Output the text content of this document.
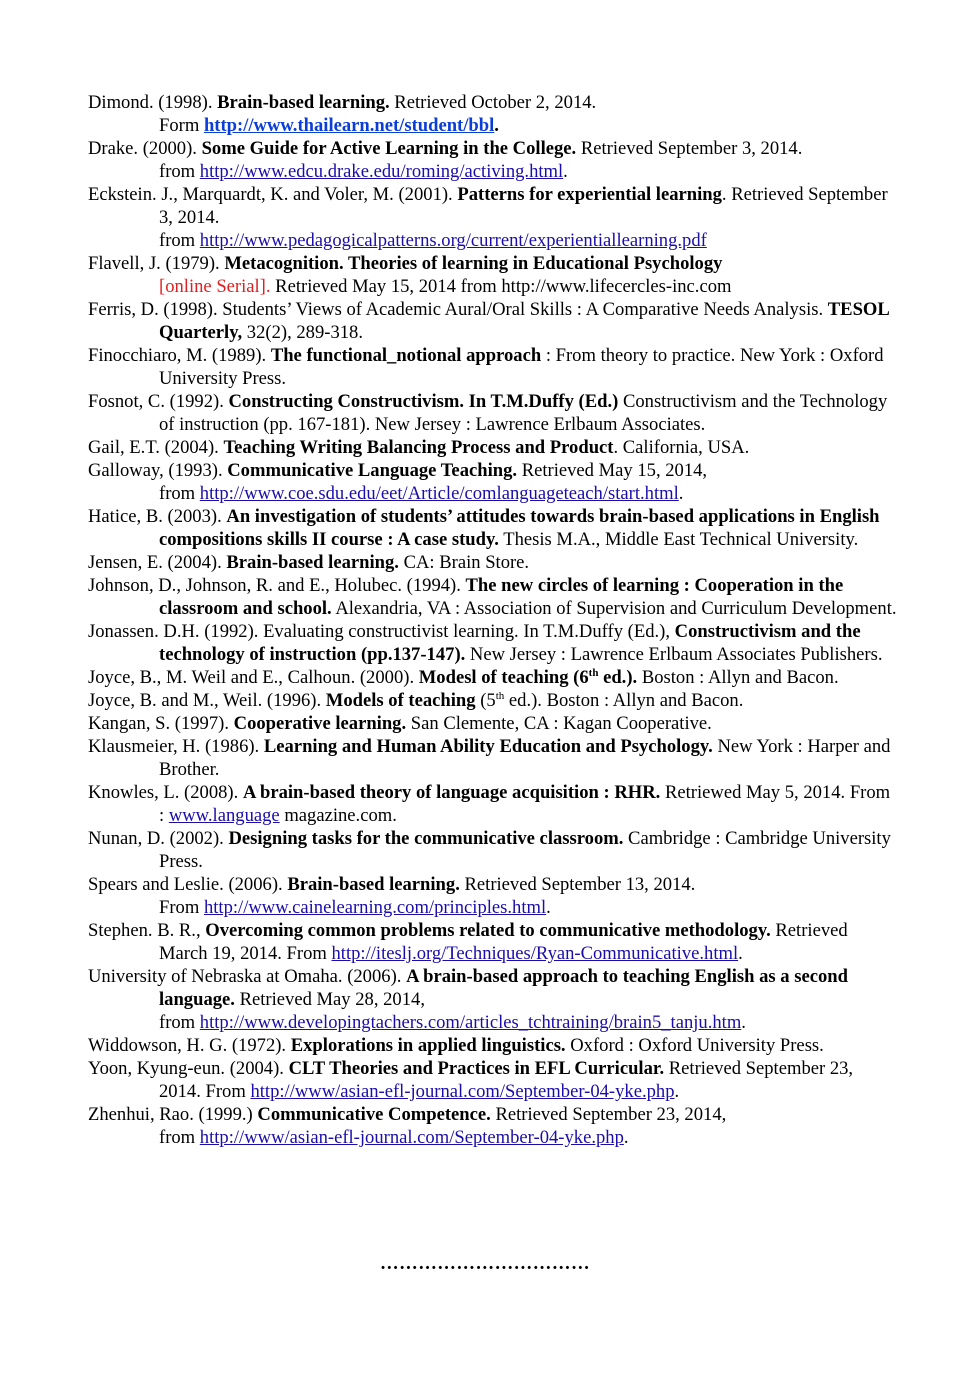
Dimond. (1998). Brain-based learning. Retrieved October 2, 2014.
Form http://www.thailearn.net/student/bbl.

Drake. (2000). Some Guide for Active Learning in the College. Retrieved September 3, 2014.
from http://www.edcu.drake.edu/roming/activing.html.

Eckstein. J., Marquardt, K. and Voler, M. (2001). Patterns for experiential learning. Retrieved September 3, 2014.
from http://www.pedagogicalpatterns.org/current/experientiallearning.pdf

Flavell, J. (1979). Metacognition. Theories of learning in Educational Psychology
[online Serial]. Retrieved May 15, 2014 from http://www.lifecercles-inc.com

Ferris, D. (1998). Students’ Views of Academic Aural/Oral Skills : A Comparative Needs Analysis. TESOL Quarterly, 32(2), 289-318.

Finocchiaro, M. (1989). The functional_notional approach : From theory to practice. New York : Oxford University Press.

Fosnot, C. (1992). Constructing Constructivism. In T.M.Duffy (Ed.) Constructivism and the Technology of instruction (pp. 167-181). New Jersey : Lawrence Erlbaum Associates.

Gail, E.T. (2004). Teaching Writing Balancing Process and Product. California, USA.

Galloway, (1993). Communicative Language Teaching. Retrieved May 15, 2014,
from http://www.coe.sdu.edu/eet/Article/comlanguageteach/start.html.

Hatice, B. (2003). An investigation of students’ attitudes towards brain-based applications in English compositions skills II course : A case study. Thesis M.A., Middle East Technical University.

Jensen, E. (2004). Brain-based learning. CA: Brain Store.

Johnson, D., Johnson, R. and E., Holubec. (1994). The new circles of learning : Cooperation in the classroom and school. Alexandria, VA : Association of Supervision and Curriculum Development.

Jonassen. D.H. (1992). Evaluating constructivist learning. In T.M.Duffy (Ed.), Constructivism and the technology of instruction (pp.137-147). New Jersey : Lawrence Erlbaum Associates Publishers.

Joyce, B., M. Weil and E., Calhoun. (2000). Modesl of teaching (6th ed.). Boston : Allyn and Bacon.

Joyce, B. and M., Weil. (1996). Models of teaching (5th ed.). Boston : Allyn and Bacon.

Kangan, S. (1997). Cooperative learning. San Clemente, CA : Kagan Cooperative.

Klausmeier, H. (1986). Learning and Human Ability Education and Psychology. New York : Harper and Brother.

Knowles, L. (2008). A brain-based theory of language acquisition : RHR. Retriewed May 5, 2014. From : www.language magazine.com.

Nunan, D. (2002). Designing tasks for the communicative classroom. Cambridge : Cambridge University Press.

Spears and Leslie. (2006). Brain-based learning. Retrieved September 13, 2014.
From http://www.cainelearning.com/principles.html.

Stephen. B. R., Overcoming common problems related to communicative methodology. Retrieved March 19, 2014. From http://iteslj.org/Techniques/Ryan-Communicative.html.

University of Nebraska at Omaha. (2006). A brain-based approach to teaching English as a second language. Retrieved May 28, 2014,
from http://www.developingtachers.com/articles_tchtraining/brain5_tanju.htm.

Widdowson, H. G. (1972). Explorations in applied linguistics. Oxford : Oxford University Press.

Yoon, Kyung-eun. (2004). CLT Theories and Practices in EFL Curricular. Retrieved September 23, 2014. From http://www/asian-efl-journal.com/September-04-yke.php.

Zhenhui, Rao. (1999.) Communicative Competence. Retrieved September 23, 2014,
from http://www/asian-efl-journal.com/September-04-yke.php.

……………………………
